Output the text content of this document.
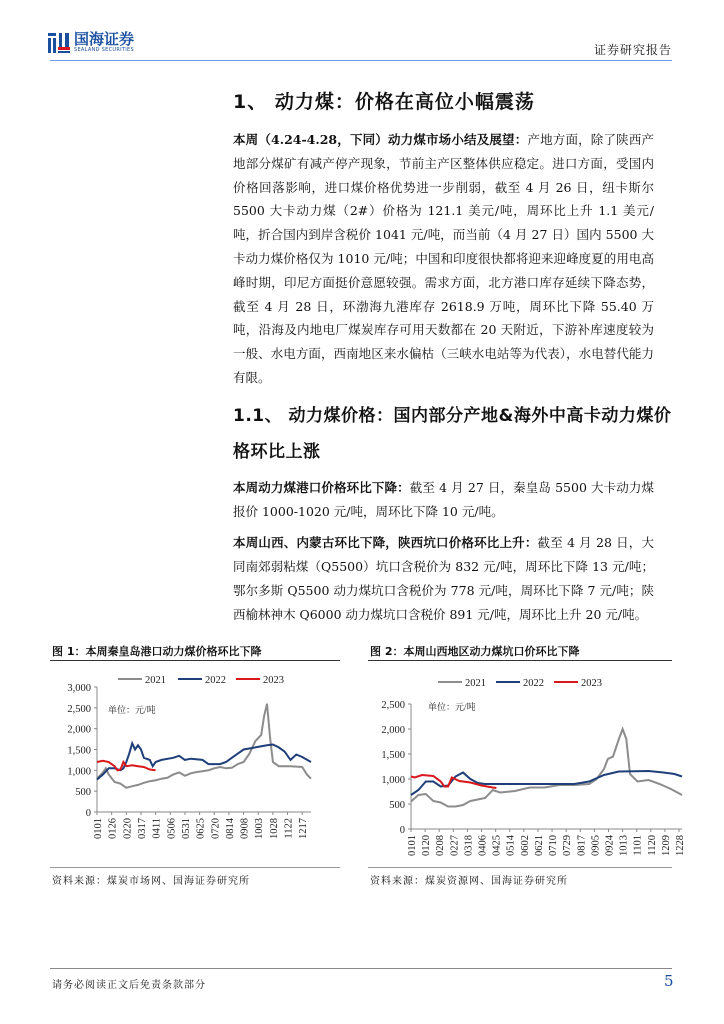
国海证券
SEALAND SECURITIES	证券研究报告
1、 动力煤：价格在高位小幅震荡
本周（4.24-4.28，下同）动力煤市场小结及展望：产地方面，除了陕西产地部分煤矿有减产停产现象，节前主产区整体供应稳定。进口方面，受国内价格回落影响，进口煤价格优势进一步削弱，截至 4 月 26 日，纽卡斯尔 5500 大卡动力煤（2#）价格为 121.1 美元/吨，周环比上升 1.1 美元/吨，折合国内到岸含税价 1041 元/吨，而当前（4 月 27 日）国内 5500 大卡动力煤价格仅为 1010 元/吨；中国和印度很快都将迎来迎峰度夏的用电高峰时期，印尼方面挺价意愿较强。需求方面，北方港口库存延续下降态势，截至 4 月 28 日，环渤海九港库存 2618.9 万吨，周环比下降 55.40 万吨，沿海及内地电厂煤炭库存可用天数都在 20 天附近，下游补库速度较为一般、水电方面，西南地区来水偏枯（三峡水电站等为代表），水电替代能力有限。
1.1、 动力煤价格：国内部分产地&海外中高卡动力煤价格环比上涨
本周动力煤港口价格环比下降：截至 4 月 27 日，秦皇岛 5500 大卡动力煤报价 1000-1020 元/吨，周环比下降 10 元/吨。
本周山西、内蒙古环比下降，陕西坑口价格环比上升：截至 4 月 28 日，大同南郊弱粘煤（Q5500）坑口含税价为 832 元/吨，周环比下降 13 元/吨；鄂尔多斯 Q5500 动力煤坑口含税价为 778 元/吨，周环比下降 7 元/吨；陕西榆林神木 Q6000 动力煤坑口含税价 891 元/吨，周环比上升 20 元/吨。
图 1：本周秦皇岛港口动力煤价格环比下降	图 2：本周山西地区动力煤坑口价环比下降
0
500
1,000
1,500
2,000
2,500
3,000
0101 0126 0220 0317 0411 0506 0531 0625 0720 0814 0908 1003 1028 1122 1217
单位：元/吨
2021	2022	2023
0
500
1,000
1,500
2,000
2,500
0101 0120 0208 0227 0318 0406 0425 0514 0602 0621 0710 0729 0817 0905 0924 1013 1101 1120 1209 1228
单位：元/吨
2021	2022	2023
资料来源：煤炭市场网、国海证券研究所	资料来源：煤炭资源网、国海证券研究所
请务必阅读正文后免责条款部分	5
